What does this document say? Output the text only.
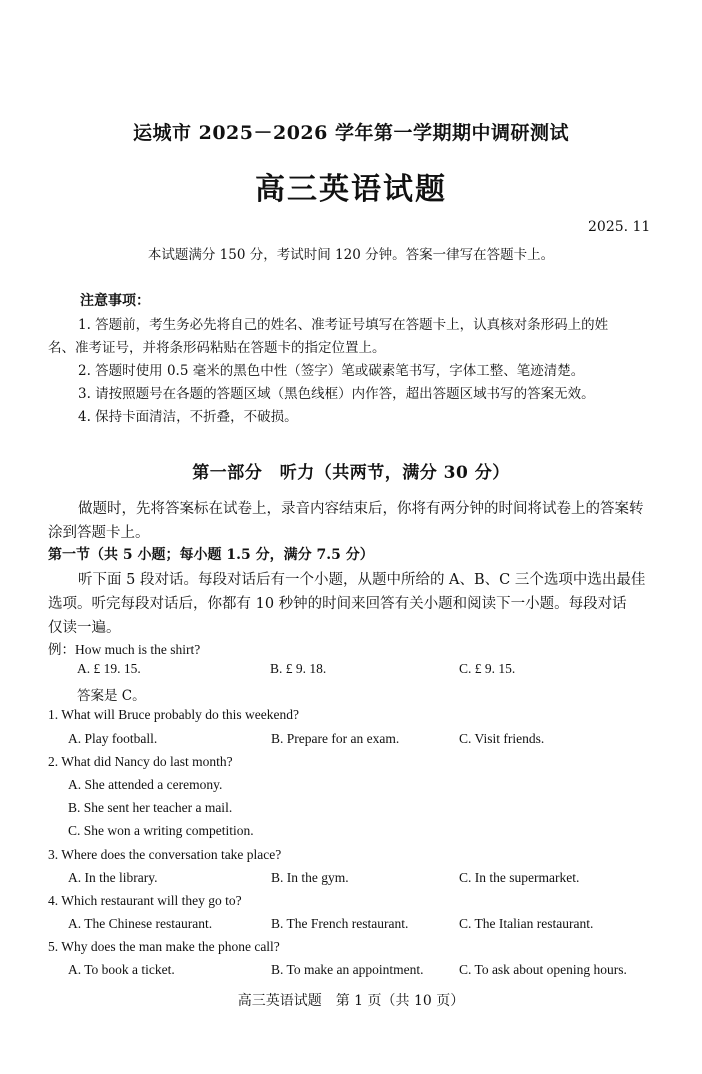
运城市 2025－2026 学年第一学期期中调研测试
高三英语试题
2025. 11
本试题满分 150 分，考试时间 120 分钟。答案一律写在答题卡上。
注意事项：
1. 答题前，考生务必先将自己的姓名、准考证号填写在答题卡上，认真核对条形码上的姓
名、准考证号，并将条形码粘贴在答题卡的指定位置上。
2. 答题时使用 0.5 毫米的黑色中性（签字）笔或碳素笔书写，字体工整、笔迹清楚。
3. 请按照题号在各题的答题区域（黑色线框）内作答，超出答题区域书写的答案无效。
4. 保持卡面清洁，不折叠，不破损。
第一部分　听力（共两节，满分 30 分）
做题时，先将答案标在试卷上，录音内容结束后，你将有两分钟的时间将试卷上的答案转
涂到答题卡上。
第一节（共 5 小题；每小题 1.5 分，满分 7.5 分）
听下面 5 段对话。每段对话后有一个小题，从题中所给的 A、B、C 三个选项中选出最佳
选项。听完每段对话后，你都有 10 秒钟的时间来回答有关小题和阅读下一小题。每段对话
仅读一遍。
例：How much is the shirt?
A. £ 19. 15.	B. £ 9. 18.	C. £ 9. 15.
答案是 C。
1. What will Bruce probably do this weekend?
A. Play football.	B. Prepare for an exam.	C. Visit friends.
2. What did Nancy do last month?
A. She attended a ceremony.
B. She sent her teacher a mail.
C. She won a writing competition.
3. Where does the conversation take place?
A. In the library.	B. In the gym.	C. In the supermarket.
4. Which restaurant will they go to?
A. The Chinese restaurant.	B. The French restaurant.	C. The Italian restaurant.
5. Why does the man make the phone call?
A. To book a ticket.	B. To make an appointment.	C. To ask about opening hours.
高三英语试题　第 1 页（共 10 页）
